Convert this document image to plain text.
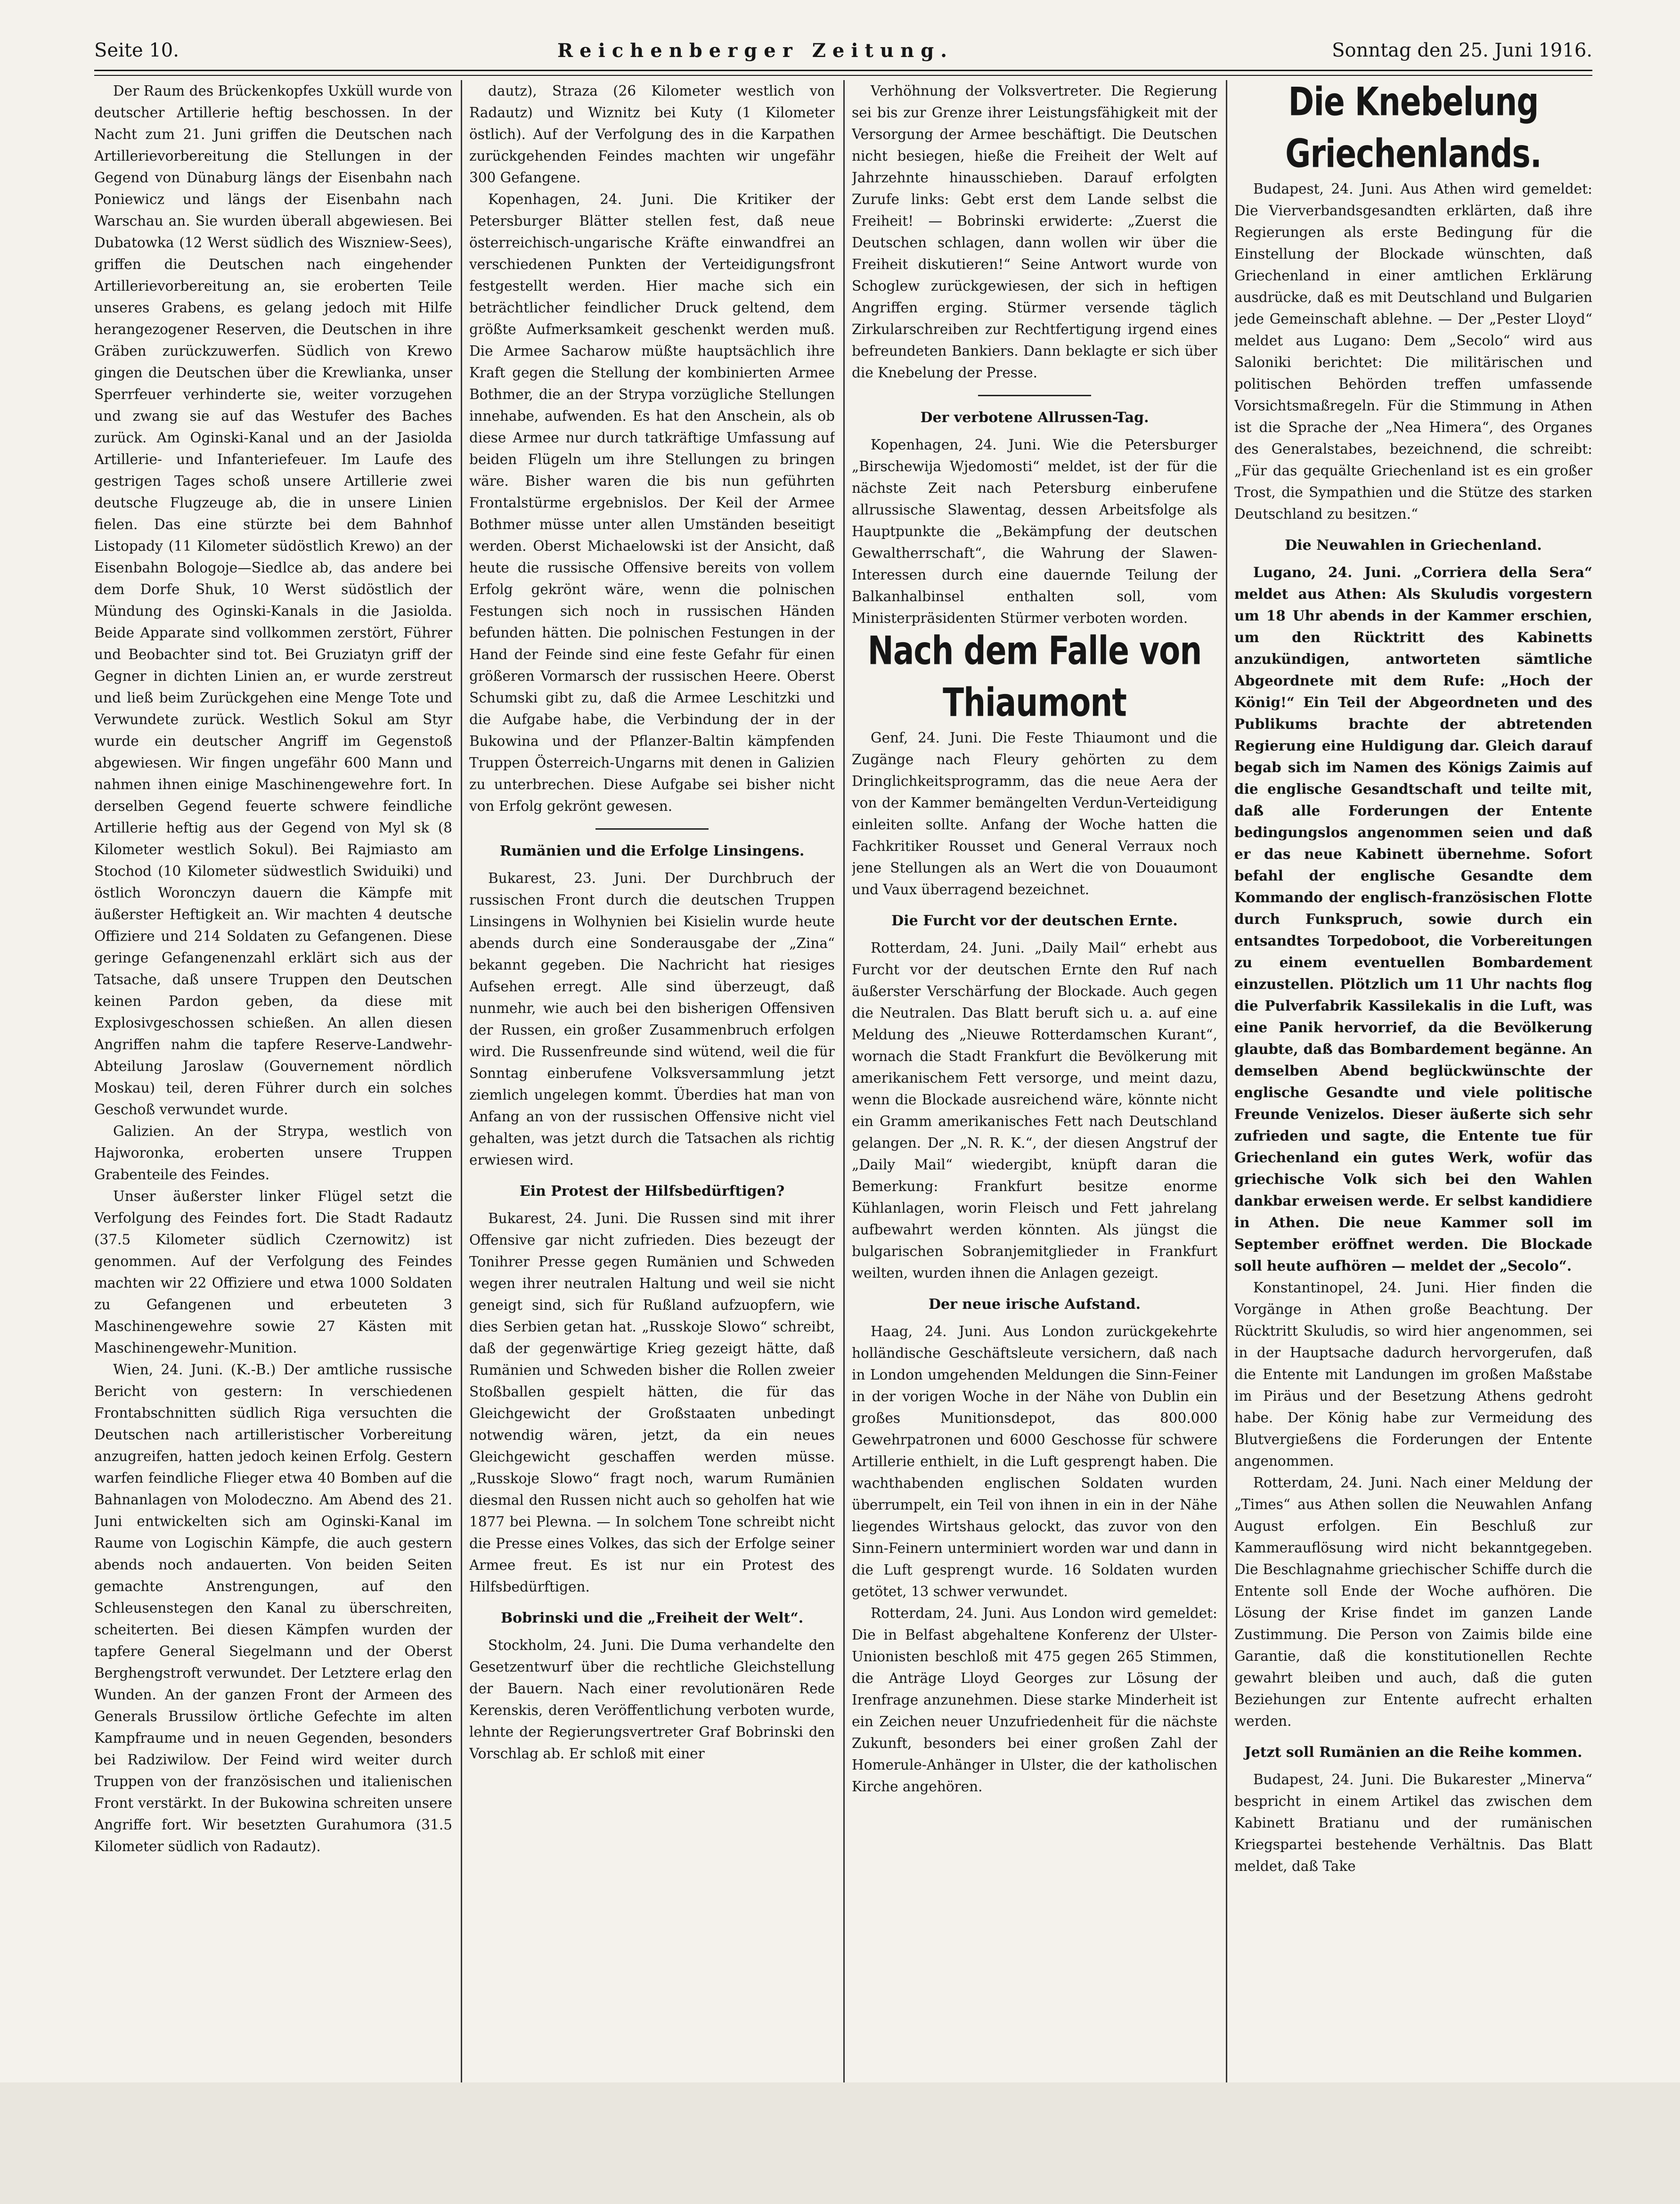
Seite 10.	Reichenberger Zeitung.	Sonntag den 25. Juni 1916.

Der Raum des Brückenkopfes Uxküll wurde von deutscher Artillerie heftig beschossen. In der Nacht zum 21. Juni griffen die Deutschen nach Artillerievorbereitung die Stellungen in der Gegend von Dünaburg längs der Eisenbahn nach Poniewicz und längs der Eisenbahn nach Warschau an. Sie wurden überall abgewiesen. Bei Dubatowka (12 Werst südlich des Wiszniew-Sees), griffen die Deutschen nach eingehender Artillerievorbereitung an, sie eroberten Teile unseres Grabens, es gelang jedoch mit Hilfe herangezogener Reserven, die Deutschen in ihre Gräben zurückzuwerfen. Südlich von Krewo gingen die Deutschen über die Krewlianka, unser Sperrfeuer verhinderte sie, weiter vorzugehen und zwang sie auf das Westufer des Baches zurück. Am Oginski-Kanal und an der Jasiolda Artillerie- und Infanteriefeuer. Im Laufe des gestrigen Tages schoß unsere Artillerie zwei deutsche Flugzeuge ab, die in unsere Linien fielen. Das eine stürzte bei dem Bahnhof Listopady (11 Kilometer südöstlich Krewo) an der Eisenbahn Bologoje—Siedlce ab, das andere bei dem Dorfe Shuk, 10 Werst südöstlich der Mündung des Oginski-Kanals in die Jasiolda. Beide Apparate sind vollkommen zerstört, Führer und Beobachter sind tot. Bei Gruziatyn griff der Gegner in dichten Linien an, er wurde zerstreut und ließ beim Zurückgehen eine Menge Tote und Verwundete zurück. Westlich Sokul am Styr wurde ein deutscher Angriff im Gegenstoß abgewiesen. Wir fingen ungefähr 600 Mann und nahmen ihnen einige Maschinengewehre fort. In derselben Gegend feuerte schwere feindliche Artillerie heftig aus der Gegend von Myl sk (8 Kilometer westlich Sokul). Bei Rajmiasto am Stochod (10 Kilometer südwestlich Swiduiki) und östlich Woronczyn dauern die Kämpfe mit äußerster Heftigkeit an. Wir machten 4 deutsche Offiziere und 214 Soldaten zu Gefangenen. Diese geringe Gefangenenzahl erklärt sich aus der Tatsache, daß unsere Truppen den Deutschen keinen Pardon geben, da diese mit Explosivgeschossen schießen. An allen diesen Angriffen nahm die tapfere Reserve-Landwehr-Abteilung Jaroslaw (Gouvernement nördlich Moskau) teil, deren Führer durch ein solches Geschoß verwundet wurde.

Galizien. An der Strypa, westlich von Hajworonka, eroberten unsere Truppen Grabenteile des Feindes.

Unser äußerster linker Flügel setzt die Verfolgung des Feindes fort. Die Stadt Radautz (37.5 Kilometer südlich Czernowitz) ist genommen. Auf der Verfolgung des Feindes machten wir 22 Offiziere und etwa 1000 Soldaten zu Gefangenen und erbeuteten 3 Maschinengewehre sowie 27 Kästen mit Maschinengewehr-Munition.

Wien, 24. Juni. (K.-B.) Der amtliche russische Bericht von gestern: In verschiedenen Frontabschnitten südlich Riga versuchten die Deutschen nach artilleristischer Vorbereitung anzugreifen, hatten jedoch keinen Erfolg. Gestern warfen feindliche Flieger etwa 40 Bomben auf die Bahnanlagen von Molodeczno. Am Abend des 21. Juni entwickelten sich am Oginski-Kanal im Raume von Logischin Kämpfe, die auch gestern abends noch andauerten. Von beiden Seiten gemachte Anstrengungen, auf den Schleusenstegen den Kanal zu überschreiten, scheiterten. Bei diesen Kämpfen wurden der tapfere General Siegelmann und der Oberst Berghengstroft verwundet. Der Letztere erlag den Wunden. An der ganzen Front der Armeen des Generals Brussilow örtliche Gefechte im alten Kampfraume und in neuen Gegenden, besonders bei Radziwilow. Der Feind wird weiter durch Truppen von der französischen und italienischen Front verstärkt. In der Bukowina schreiten unsere Angriffe fort. Wir besetzten Gurahumora (31.5 Kilometer südlich von Radautz).

dautz), Straza (26 Kilometer westlich von Radautz) und Wiznitz bei Kuty (1 Kilometer östlich). Auf der Verfolgung des in die Karpathen zurückgehenden Feindes machten wir ungefähr 300 Gefangene.

Kopenhagen, 24. Juni. Die Kritiker der Petersburger Blätter stellen fest, daß neue österreichisch-ungarische Kräfte einwandfrei an verschiedenen Punkten der Verteidigungsfront festgestellt werden. Hier mache sich ein beträchtlicher feindlicher Druck geltend, dem größte Aufmerksamkeit geschenkt werden muß. Die Armee Sacharow müßte hauptsächlich ihre Kraft gegen die Stellung der kombinierten Armee Bothmer, die an der Strypa vorzügliche Stellungen innehabe, aufwenden. Es hat den Anschein, als ob diese Armee nur durch tatkräftige Umfassung auf beiden Flügeln um ihre Stellungen zu bringen wäre. Bisher waren die bis nun geführten Frontalstürme ergebnislos. Der Keil der Armee Bothmer müsse unter allen Umständen beseitigt werden. Oberst Michaelowski ist der Ansicht, daß heute die russische Offensive bereits von vollem Erfolg gekrönt wäre, wenn die polnischen Festungen sich noch in russischen Händen befunden hätten. Die polnischen Festungen in der Hand der Feinde sind eine feste Gefahr für einen größeren Vormarsch der russischen Heere. Oberst Schumski gibt zu, daß die Armee Leschitzki und die Aufgabe habe, die Verbindung der in der Bukowina und der Pflanzer-Baltin kämpfenden Truppen Österreich-Ungarns mit denen in Galizien zu unterbrechen. Diese Aufgabe sei bisher nicht von Erfolg gekrönt gewesen.

Rumänien und die Erfolge Linsingens.

Bukarest, 23. Juni. Der Durchbruch der russischen Front durch die deutschen Truppen Linsingens in Wolhynien bei Kisielin wurde heute abends durch eine Sonderausgabe der „Zina“ bekannt gegeben. Die Nachricht hat riesiges Aufsehen erregt. Alle sind überzeugt, daß nunmehr, wie auch bei den bisherigen Offensiven der Russen, ein großer Zusammenbruch erfolgen wird. Die Russenfreunde sind wütend, weil die für Sonntag einberufene Volksversammlung jetzt ziemlich ungelegen kommt. Überdies hat man von Anfang an von der russischen Offensive nicht viel gehalten, was jetzt durch die Tatsachen als richtig erwiesen wird.

Ein Protest der Hilfsbedürftigen?

Bukarest, 24. Juni. Die Russen sind mit ihrer Offensive gar nicht zufrieden. Dies bezeugt der Tonihrer Presse gegen Rumänien und Schweden wegen ihrer neutralen Haltung und weil sie nicht geneigt sind, sich für Rußland aufzuopfern, wie dies Serbien getan hat. „Russkoje Slowo“ schreibt, daß der gegenwärtige Krieg gezeigt hätte, daß Rumänien und Schweden bisher die Rollen zweier Stoßballen gespielt hätten, die für das Gleichgewicht der Großstaaten unbedingt notwendig wären, jetzt, da ein neues Gleichgewicht geschaffen werden müsse. „Russkoje Slowo“ fragt noch, warum Rumänien diesmal den Russen nicht auch so geholfen hat wie 1877 bei Plewna. — In solchem Tone schreibt nicht die Presse eines Volkes, das sich der Erfolge seiner Armee freut. Es ist nur ein Protest des Hilfsbedürftigen.

Bobrinski und die „Freiheit der Welt“.

Stockholm, 24. Juni. Die Duma verhandelte den Gesetzentwurf über die rechtliche Gleichstellung der Bauern. Nach einer revolutionären Rede Kerenskis, deren Veröffentlichung verboten wurde, lehnte der Regierungsvertreter Graf Bobrinski den Vorschlag ab. Er schloß mit einer

Verhöhnung der Volksvertreter. Die Regierung sei bis zur Grenze ihrer Leistungsfähigkeit mit der Versorgung der Armee beschäftigt. Die Deutschen nicht besiegen, hieße die Freiheit der Welt auf Jahrzehnte hinausschieben. Darauf erfolgten Zurufe links: Gebt erst dem Lande selbst die Freiheit! — Bobrinski erwiderte: „Zuerst die Deutschen schlagen, dann wollen wir über die Freiheit diskutieren!“ Seine Antwort wurde von Schoglew zurückgewiesen, der sich in heftigen Angriffen erging. Stürmer versende täglich Zirkularschreiben zur Rechtfertigung irgend eines befreundeten Bankiers. Dann beklagte er sich über die Knebelung der Presse.

Der verbotene Allrussen-Tag.

Kopenhagen, 24. Juni. Wie die Petersburger „Birschewija Wjedomosti“ meldet, ist der für die nächste Zeit nach Petersburg einberufene allrussische Slawentag, dessen Arbeitsfolge als Hauptpunkte die „Bekämpfung der deutschen Gewaltherrschaft“, die Wahrung der Slawen-Interessen durch eine dauernde Teilung der Balkanhalbinsel enthalten soll, vom Ministerpräsidenten Stürmer verboten worden.

Nach dem Falle von Thiaumont

Genf, 24. Juni. Die Feste Thiaumont und die Zugänge nach Fleury gehörten zu dem Dringlichkeitsprogramm, das die neue Aera der von der Kammer bemängelten Verdun-Verteidigung einleiten sollte. Anfang der Woche hatten die Fachkritiker Rousset und General Verraux noch jene Stellungen als an Wert die von Douaumont und Vaux überragend bezeichnet.

Die Furcht vor der deutschen Ernte.

Rotterdam, 24. Juni. „Daily Mail“ erhebt aus Furcht vor der deutschen Ernte den Ruf nach äußerster Verschärfung der Blockade. Auch gegen die Neutralen. Das Blatt beruft sich u. a. auf eine Meldung des „Nieuwe Rotterdamschen Kurant“, wornach die Stadt Frankfurt die Bevölkerung mit amerikanischem Fett versorge, und meint dazu, wenn die Blockade ausreichend wäre, könnte nicht ein Gramm amerikanisches Fett nach Deutschland gelangen. Der „N. R. K.“, der diesen Angstruf der „Daily Mail“ wiedergibt, knüpft daran die Bemerkung: Frankfurt besitze enorme Kühlanlagen, worin Fleisch und Fett jahrelang aufbewahrt werden könnten. Als jüngst die bulgarischen Sobranjemitglieder in Frankfurt weilten, wurden ihnen die Anlagen gezeigt.

Der neue irische Aufstand.

Haag, 24. Juni. Aus London zurückgekehrte holländische Geschäftsleute versichern, daß nach in London umgehenden Meldungen die Sinn-Feiner in der vorigen Woche in der Nähe von Dublin ein großes Munitionsdepot, das 800.000 Gewehrpatronen und 6000 Geschosse für schwere Artillerie enthielt, in die Luft gesprengt haben. Die wachthabenden englischen Soldaten wurden überrumpelt, ein Teil von ihnen in ein in der Nähe liegendes Wirtshaus gelockt, das zuvor von den Sinn-Feinern unterminiert worden war und dann in die Luft gesprengt wurde. 16 Soldaten wurden getötet, 13 schwer verwundet.

Rotterdam, 24. Juni. Aus London wird gemeldet: Die in Belfast abgehaltene Konferenz der Ulster-Unionisten beschloß mit 475 gegen 265 Stimmen, die Anträge Lloyd Georges zur Lösung der Irenfrage anzunehmen. Diese starke Minderheit ist ein Zeichen neuer Unzufriedenheit für die nächste Zukunft, besonders bei einer großen Zahl der Homerule-Anhänger in Ulster, die der katholischen Kirche angehören.

Die Knebelung Griechenlands.

Budapest, 24. Juni. Aus Athen wird gemeldet: Die Vierverbandsgesandten erklärten, daß ihre Regierungen als erste Bedingung für die Einstellung der Blockade wünschten, daß Griechenland in einer amtlichen Erklärung ausdrücke, daß es mit Deutschland und Bulgarien jede Gemeinschaft ablehne. — Der „Pester Lloyd“ meldet aus Lugano: Dem „Secolo“ wird aus Saloniki berichtet: Die militärischen und politischen Behörden treffen umfassende Vorsichtsmaßregeln. Für die Stimmung in Athen ist die Sprache der „Nea Himera“, des Organes des Generalstabes, bezeichnend, die schreibt: „Für das gequälte Griechenland ist es ein großer Trost, die Sympathien und die Stütze des starken Deutschland zu besitzen.“

Die Neuwahlen in Griechenland.

Lugano, 24. Juni. „Corriera della Sera“ meldet aus Athen: Als Skuludis vorgestern um 18 Uhr abends in der Kammer erschien, um den Rücktritt des Kabinetts anzukündigen, antworteten sämtliche Abgeordnete mit dem Rufe: „Hoch der König!“ Ein Teil der Abgeordneten und des Publikums brachte der abtretenden Regierung eine Huldigung dar. Gleich darauf begab sich im Namen des Königs Zaimis auf die englische Gesandtschaft und teilte mit, daß alle Forderungen der Entente bedingungslos angenommen seien und daß er das neue Kabinett übernehme. Sofort befahl der englische Gesandte dem Kommando der englisch-französischen Flotte durch Funkspruch, sowie durch ein entsandtes Torpedoboot, die Vorbereitungen zu einem eventuellen Bombardement einzustellen. Plötzlich um 11 Uhr nachts flog die Pulverfabrik Kassilekalis in die Luft, was eine Panik hervorrief, da die Bevölkerung glaubte, daß das Bombardement begänne. An demselben Abend beglückwünschte der englische Gesandte und viele politische Freunde Venizelos. Dieser äußerte sich sehr zufrieden und sagte, die Entente tue für Griechenland ein gutes Werk, wofür das griechische Volk sich bei den Wahlen dankbar erweisen werde. Er selbst kandidiere in Athen. Die neue Kammer soll im September eröffnet werden. Die Blockade soll heute aufhören — meldet der „Secolo“.

Konstantinopel, 24. Juni. Hier finden die Vorgänge in Athen große Beachtung. Der Rücktritt Skuludis, so wird hier angenommen, sei in der Hauptsache dadurch hervorgerufen, daß die Entente mit Landungen im großen Maßstabe im Piräus und der Besetzung Athens gedroht habe. Der König habe zur Vermeidung des Blutvergießens die Forderungen der Entente angenommen.

Rotterdam, 24. Juni. Nach einer Meldung der „Times“ aus Athen sollen die Neuwahlen Anfang August erfolgen. Ein Beschluß zur Kammerauflösung wird nicht bekanntgegeben. Die Beschlagnahme griechischer Schiffe durch die Entente soll Ende der Woche aufhören. Die Lösung der Krise findet im ganzen Lande Zustimmung. Die Person von Zaimis bilde eine Garantie, daß die konstitutionellen Rechte gewahrt bleiben und auch, daß die guten Beziehungen zur Entente aufrecht erhalten werden.

Jetzt soll Rumänien an die Reihe kommen.

Budapest, 24. Juni. Die Bukarester „Minerva“ bespricht in einem Artikel das zwischen dem Kabinett Bratianu und der rumänischen Kriegspartei bestehende Verhältnis. Das Blatt meldet, daß Take
